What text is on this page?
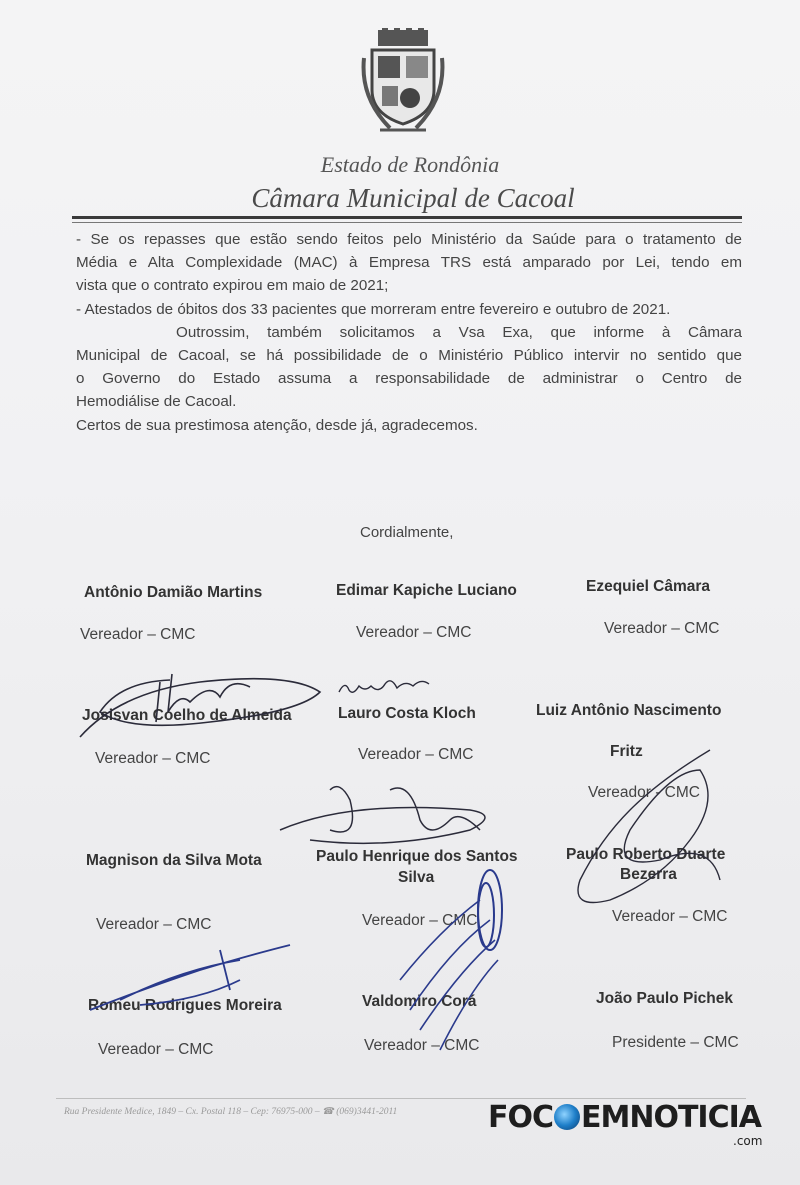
Estado de Rondônia
Câmara Municipal de Cacoal

- Se os repasses que estão sendo feitos pelo Ministério da Saúde para o tratamento de

Média e Alta Complexidade (MAC) à Empresa TRS está amparado por Lei, tendo em

vista que o contrato expirou em maio de 2021;

- Atestados de óbitos dos 33 pacientes que morreram entre fevereiro e outubro de 2021.

Outrossim, também solicitamos a Vsa Exa, que informe à Câmara

Municipal de Cacoal, se há possibilidade de o Ministério Público intervir no sentido que

o Governo do Estado assuma a responsabilidade de administrar o Centro de

Hemodiálise de Cacoal.

Certos de sua prestimosa atenção, desde já, agradecemos.

Cordialmente,
Antônio Damião Martins
Vereador – CMC
Edimar Kapiche Luciano
Vereador – CMC
Ezequiel Câmara
Vereador – CMC
Josisvan Coelho de Almeida
Vereador – CMC
Lauro Costa Kloch
Vereador – CMC
Luiz Antônio Nascimento
Fritz
Vereador - CMC
Magnison da Silva Mota
Vereador – CMC
Paulo Henrique dos Santos
Silva
Vereador – CMC
Paulo Roberto Duarte
Bezerra
Vereador – CMC
Romeu Rodrigues Moreira
Vereador – CMC
Valdomiro Corá
Vereador – CMC
João Paulo Pichek
Presidente – CMC
Rua Presidente Medice, 1849 – Cx. Postal 118 – Cep: 76975-000 – ☎ (069)3441-2011	FOC EMNOTICIA
.com
